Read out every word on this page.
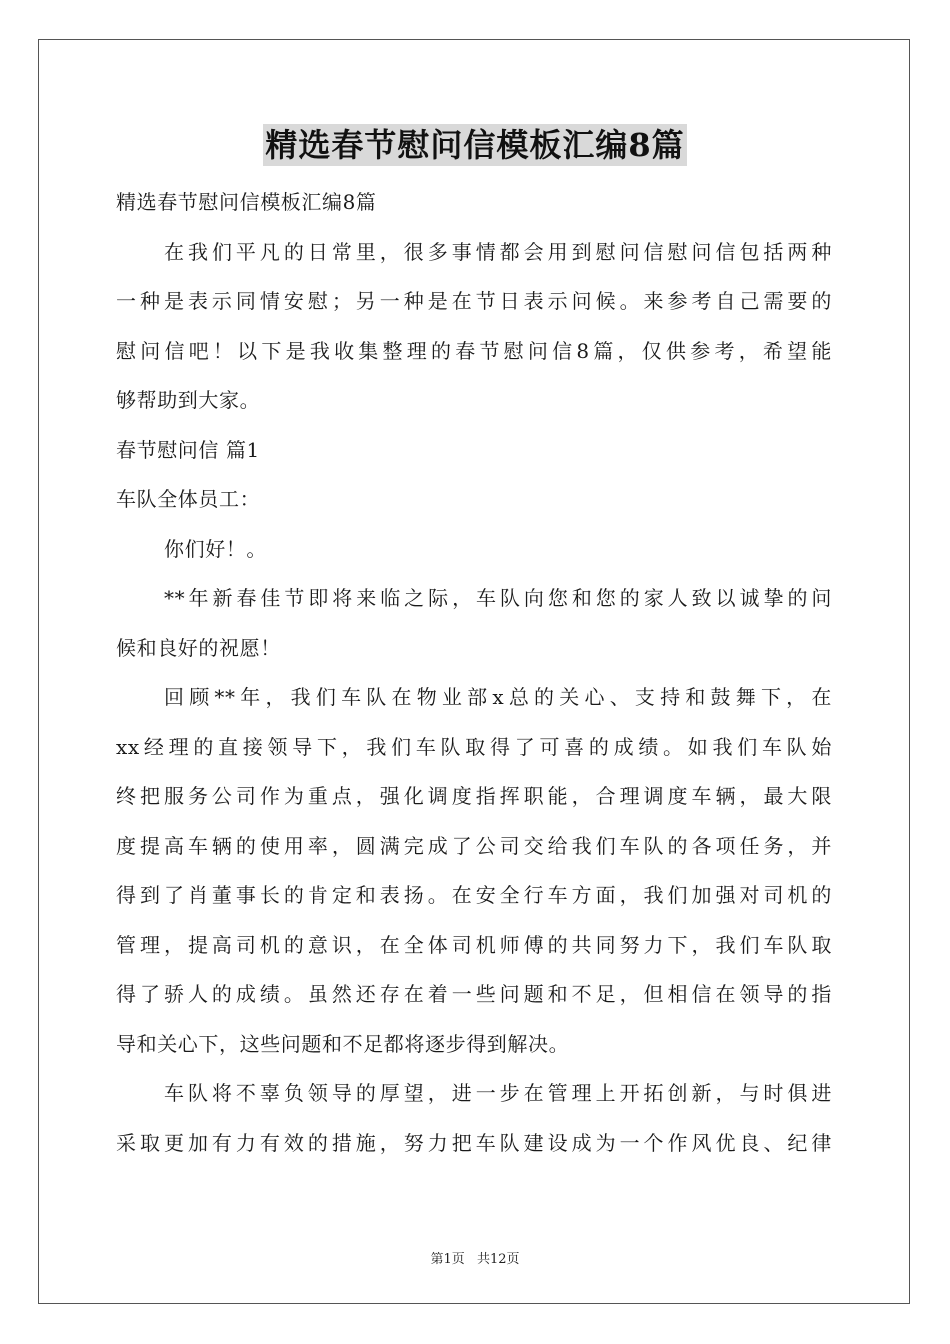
精选春节慰问信模板汇编8篇
精选春节慰问信模板汇编8篇
在我们平凡的日常里，很多事情都会用到慰问信慰问信包括两种
一种是表示同情安慰；另一种是在节日表示问候。来参考自己需要的
慰问信吧！以下是我收集整理的春节慰问信8篇，仅供参考，希望能
够帮助到大家。
春节慰问信 篇1
车队全体员工：
你们好！。
**年新春佳节即将来临之际，车队向您和您的家人致以诚挚的问
候和良好的祝愿！
回顾**年，我们车队在物业部x总的关心、支持和鼓舞下，在
xx经理的直接领导下，我们车队取得了可喜的成绩。如我们车队始
终把服务公司作为重点，强化调度指挥职能，合理调度车辆，最大限
度提高车辆的使用率，圆满完成了公司交给我们车队的各项任务，并
得到了肖董事长的肯定和表扬。在安全行车方面，我们加强对司机的
管理，提高司机的意识，在全体司机师傅的共同努力下，我们车队取
得了骄人的成绩。虽然还存在着一些问题和不足，但相信在领导的指
导和关心下，这些问题和不足都将逐步得到解决。
车队将不辜负领导的厚望，进一步在管理上开拓创新，与时俱进
采取更加有力有效的措施，努力把车队建设成为一个作风优良、纪律
第1页 共12页
